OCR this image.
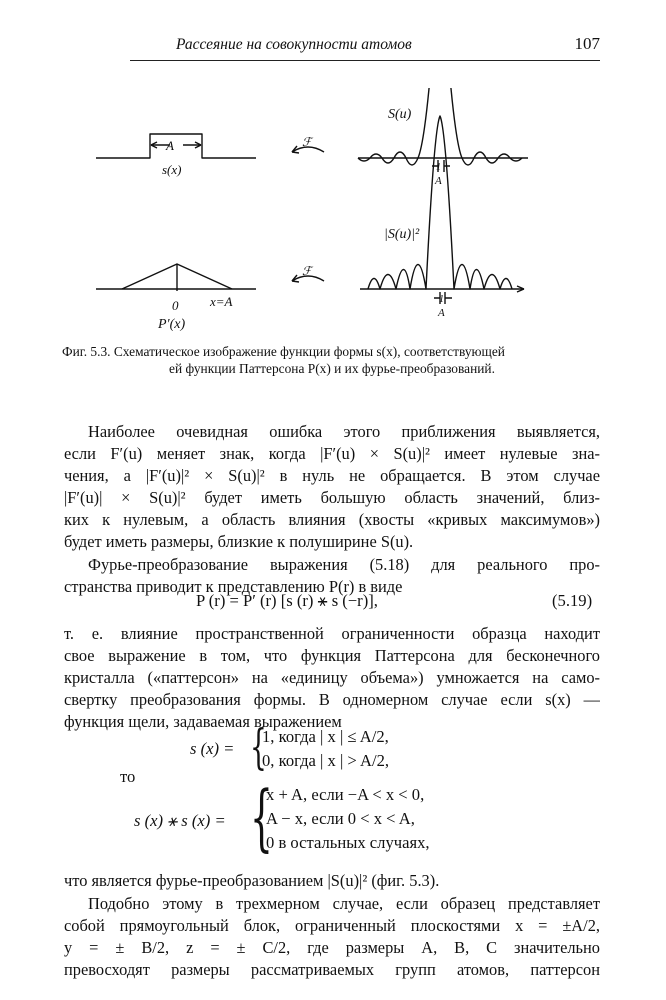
Рассеяние на совокупности атомов	107
A
s(x)
ℱ
S(u)
1
A
0 x=A
P′(x)
ℱ
|S(u)|²
1
A
Фиг. 5.3. Схематическое изображение функции формы s(x), соответствующей
ей функции Паттерсона P(x) и их фурье-преобразований.
Наиболее очевидная ошибка этого приближения выявляется,
если F′(u) меняет знак, когда |F′(u) × S(u)|² имеет нулевые зна-
чения, а |F′(u)|² × S(u)|² в нуль не обращается. В этом случае
|F′(u)| × S(u)|² будет иметь большую область значений, близ-
ких к нулевым, а область влияния (хвосты «кривых максимумов»)
будет иметь размеры, близкие к полуширине S(u).
Фурье-преобразование выражения (5.18) для реального про-
странства приводит к представлению P(r) в виде
P (r) = P′ (r) [s (r) ⚹ s (−r)],	(5.19)
т. е. влияние пространственной ограниченности образца находит
свое выражение в том, что функция Паттерсона для бесконечного
кристалла («паттерсон» на «единицу объема») умножается на само-
свертку преобразования формы. В одномерном случае если s(x) —
функция щели, задаваемая выражением
s (x) = {
1, когда | x | ≤ A/2,
0, когда | x | > A/2,
то
s (x) ⚹ s (x) = {
x + A, если −A < x < 0,
A − x, если 0 < x < A,
0 в остальных случаях,
что является фурье-преобразованием |S(u)|² (фиг. 5.3).
Подобно этому в трехмерном случае, если образец представляет
собой прямоугольный блок, ограниченный плоскостями x = ±A/2,
y = ± B/2, z = ± C/2, где размеры A, B, C значительно
превосходят размеры рассматриваемых групп атомов, паттерсон
